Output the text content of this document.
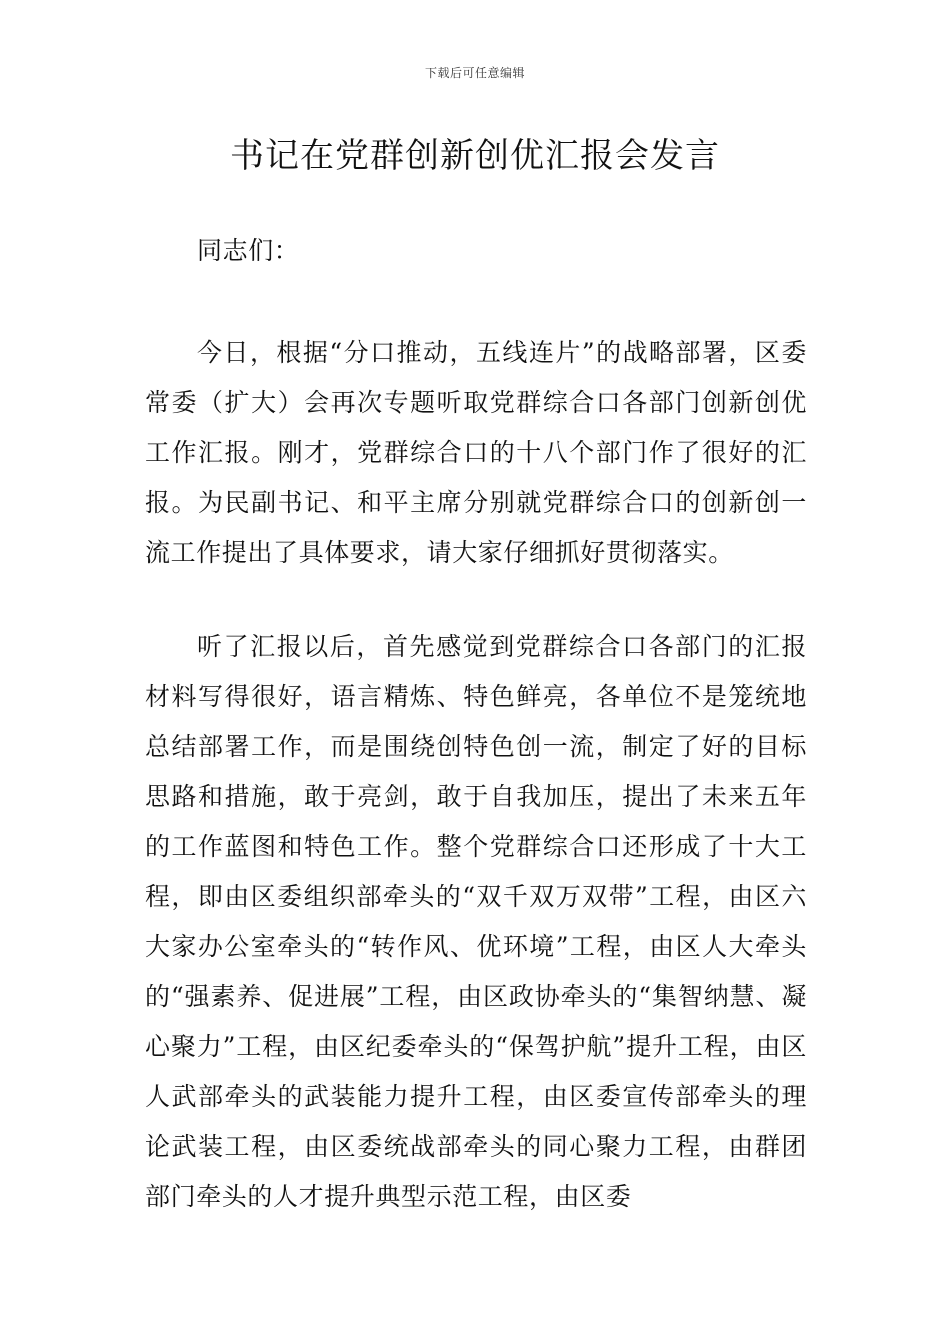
下载后可任意编辑
书记在党群创新创优汇报会发言

同志们：

今日，根据“分口推动，五线连片”的战略部署，区委常委（扩大）会再次专题听取党群综合口各部门创新创优工作汇报。刚才，党群综合口的十八个部门作了很好的汇报。为民副书记、和平主席分别就党群综合口的创新创一流工作提出了具体要求，请大家仔细抓好贯彻落实。

听了汇报以后，首先感觉到党群综合口各部门的汇报材料写得很好，语言精炼、特色鲜亮，各单位不是笼统地总结部署工作，而是围绕创特色创一流，制定了好的目标思路和措施，敢于亮剑，敢于自我加压，提出了未来五年的工作蓝图和特色工作。整个党群综合口还形成了十大工程，即由区委组织部牵头的“双千双万双带”工程，由区六大家办公室牵头的“转作风、优环境”工程，由区人大牵头的“强素养、促进展”工程，由区政协牵头的“集智纳慧、凝心聚力”工程，由区纪委牵头的“保驾护航”提升工程，由区人武部牵头的武装能力提升工程，由区委宣传部牵头的理论武装工程，由区委统战部牵头的同心聚力工程，由群团部门牵头的人才提升典型示范工程，由区委
